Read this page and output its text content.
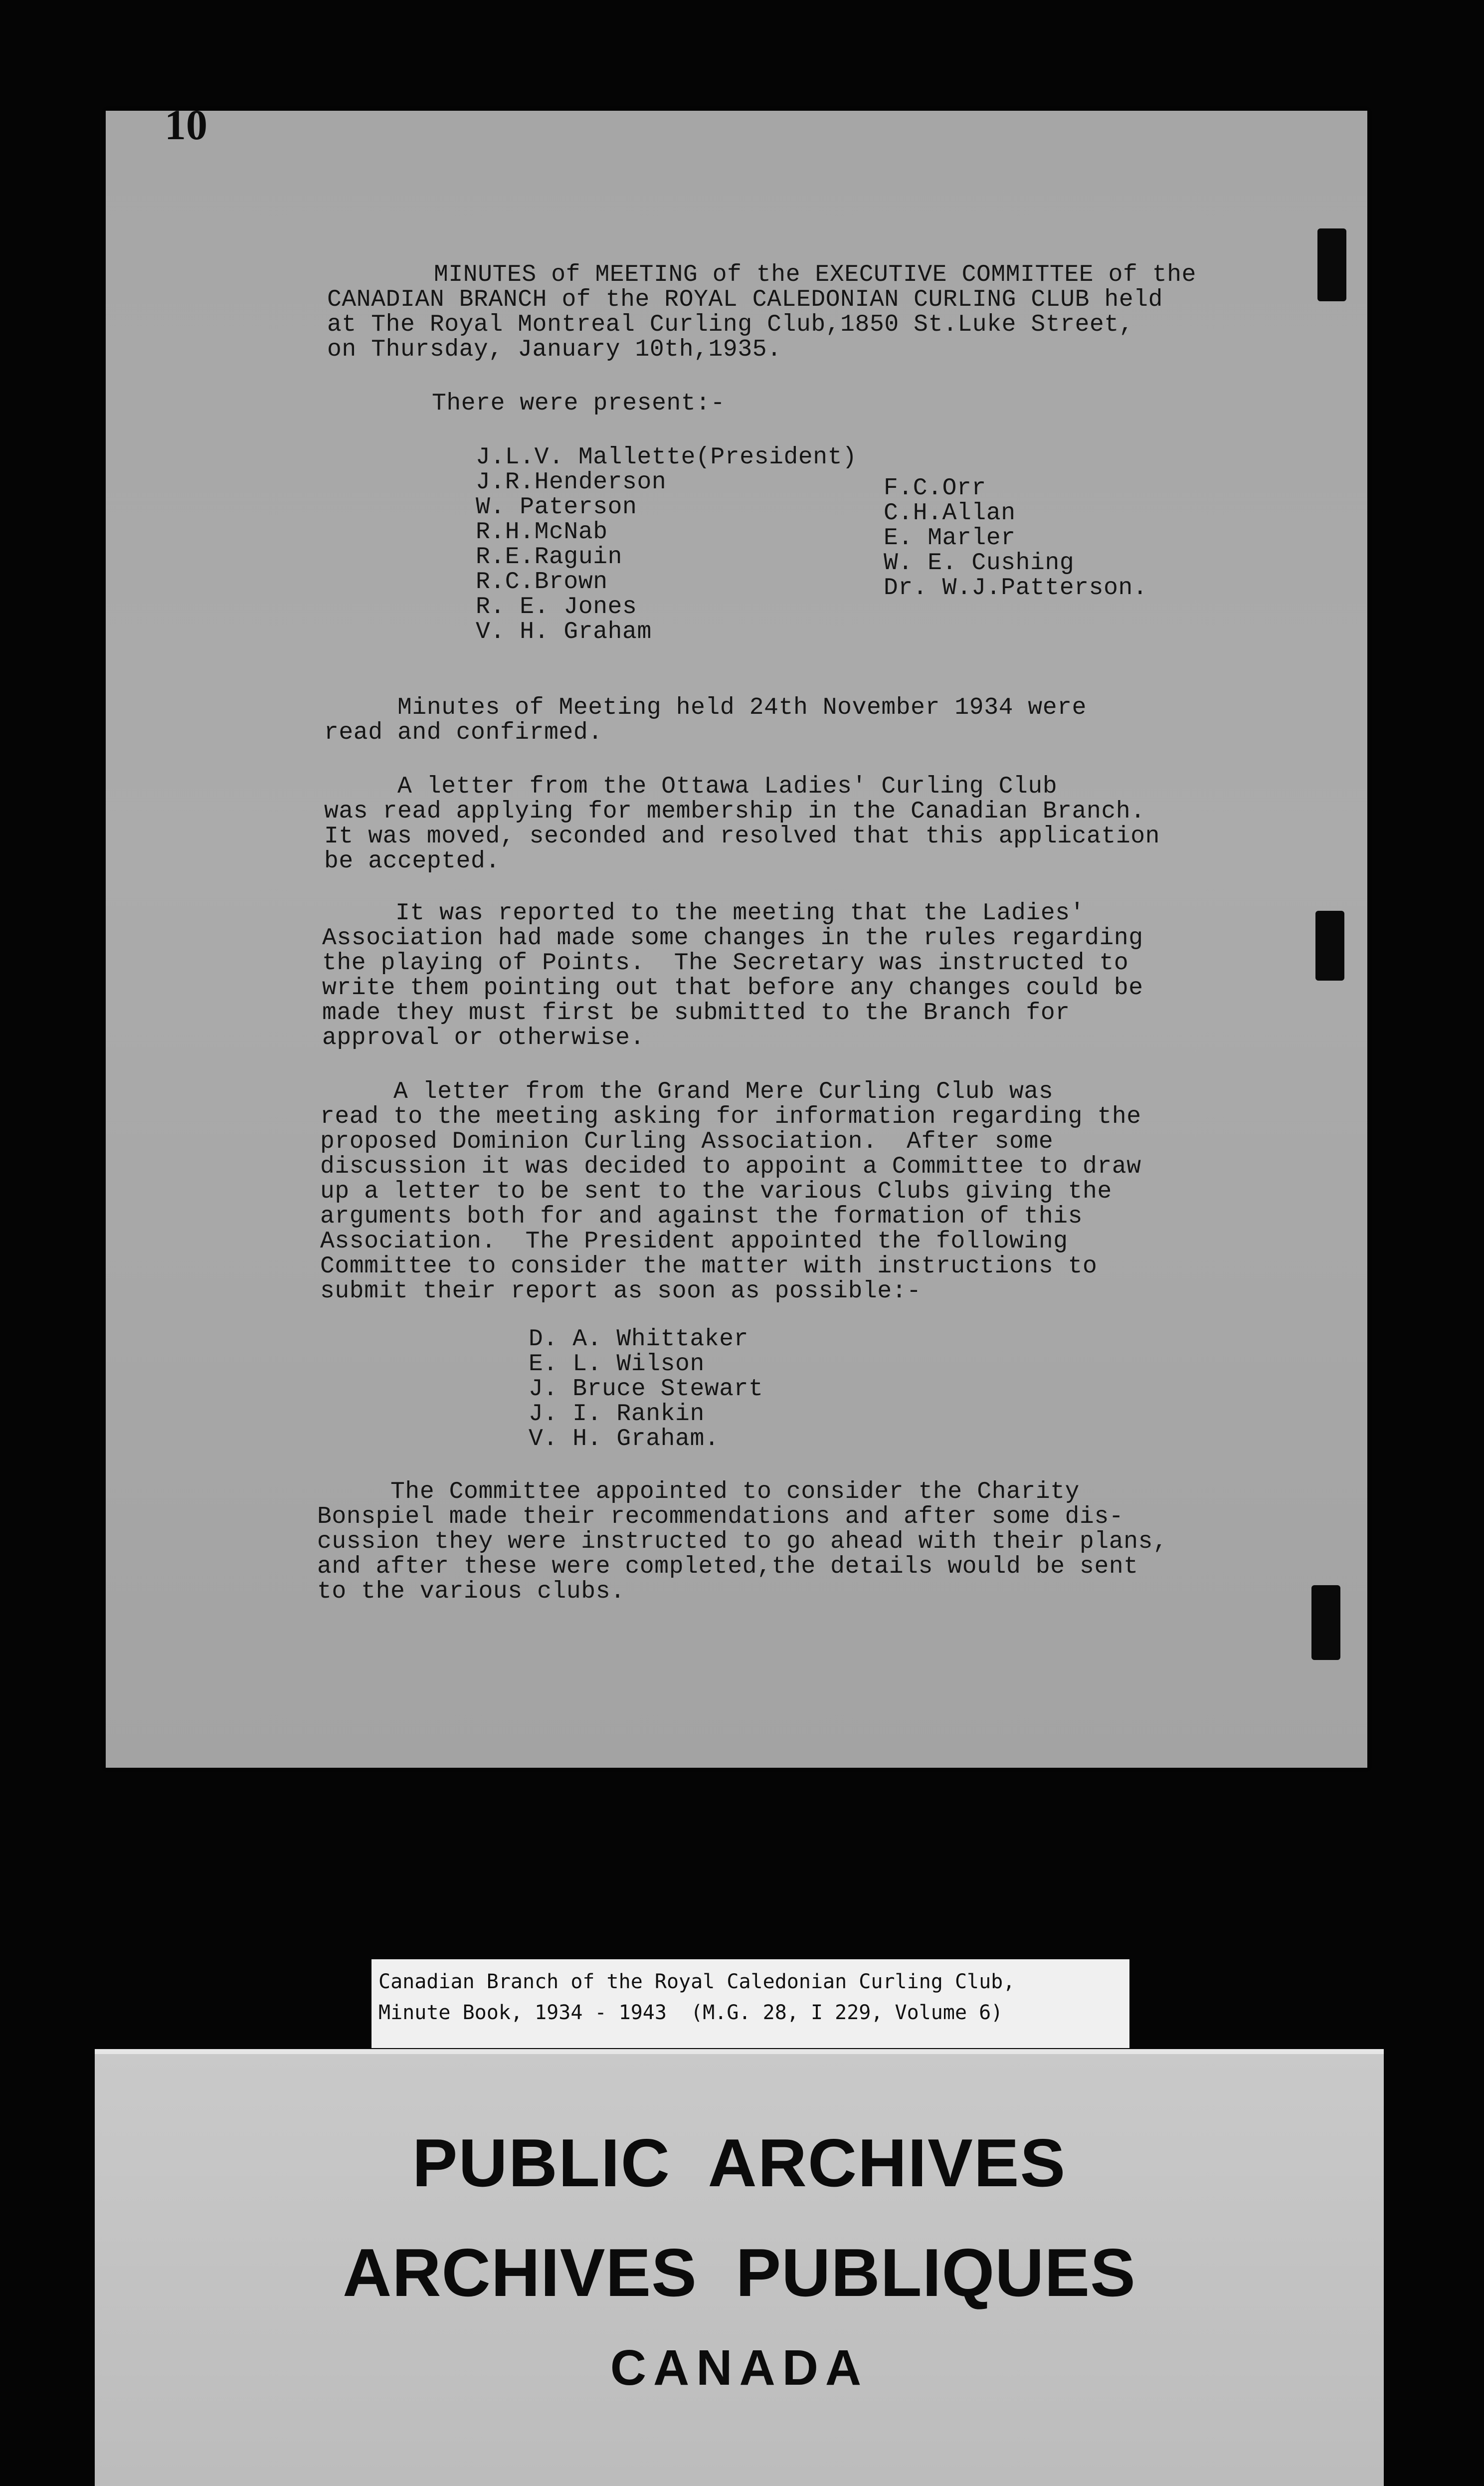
10

MINUTES of MEETING of the EXECUTIVE COMMITTEE of the

CANADIAN BRANCH of the ROYAL CALEDONIAN CURLING CLUB held

at The Royal Montreal Curling Club,1850 St.Luke Street,

on Thursday, January 10th,1935.

There were present:-

J.L.V. Mallette(President)

J.R.Henderson

W. Paterson

R.H.McNab

R.E.Raguin

R.C.Brown

R. E. Jones

V. H. Graham

F.C.Orr

C.H.Allan

E. Marler

W. E. Cushing

Dr. W.J.Patterson.

Minutes of Meeting held 24th November 1934 were

read and confirmed.

A letter from the Ottawa Ladies' Curling Club

was read applying for membership in the Canadian Branch.

It was moved, seconded and resolved that this application

be accepted.

It was reported to the meeting that the Ladies'

Association had made some changes in the rules regarding

the playing of Points.  The Secretary was instructed to

write them pointing out that before any changes could be

made they must first be submitted to the Branch for

approval or otherwise.

A letter from the Grand Mere Curling Club was

read to the meeting asking for information regarding the

proposed Dominion Curling Association.  After some

discussion it was decided to appoint a Committee to draw

up a letter to be sent to the various Clubs giving the

arguments both for and against the formation of this

Association.  The President appointed the following

Committee to consider the matter with instructions to

submit their report as soon as possible:-

D. A. Whittaker

E. L. Wilson

J. Bruce Stewart

J. I. Rankin

V. H. Graham.

The Committee appointed to consider the Charity

Bonspiel made their recommendations and after some dis-

cussion they were instructed to go ahead with their plans,

and after these were completed,the details would be sent

to the various clubs.

Canadian Branch of the Royal Caledonian Curling Club,
Minute Book, 1934 - 1943  (M.G. 28, I 229, Volume 6)
PUBLIC  ARCHIVES
ARCHIVES  PUBLIQUES
CANADA
